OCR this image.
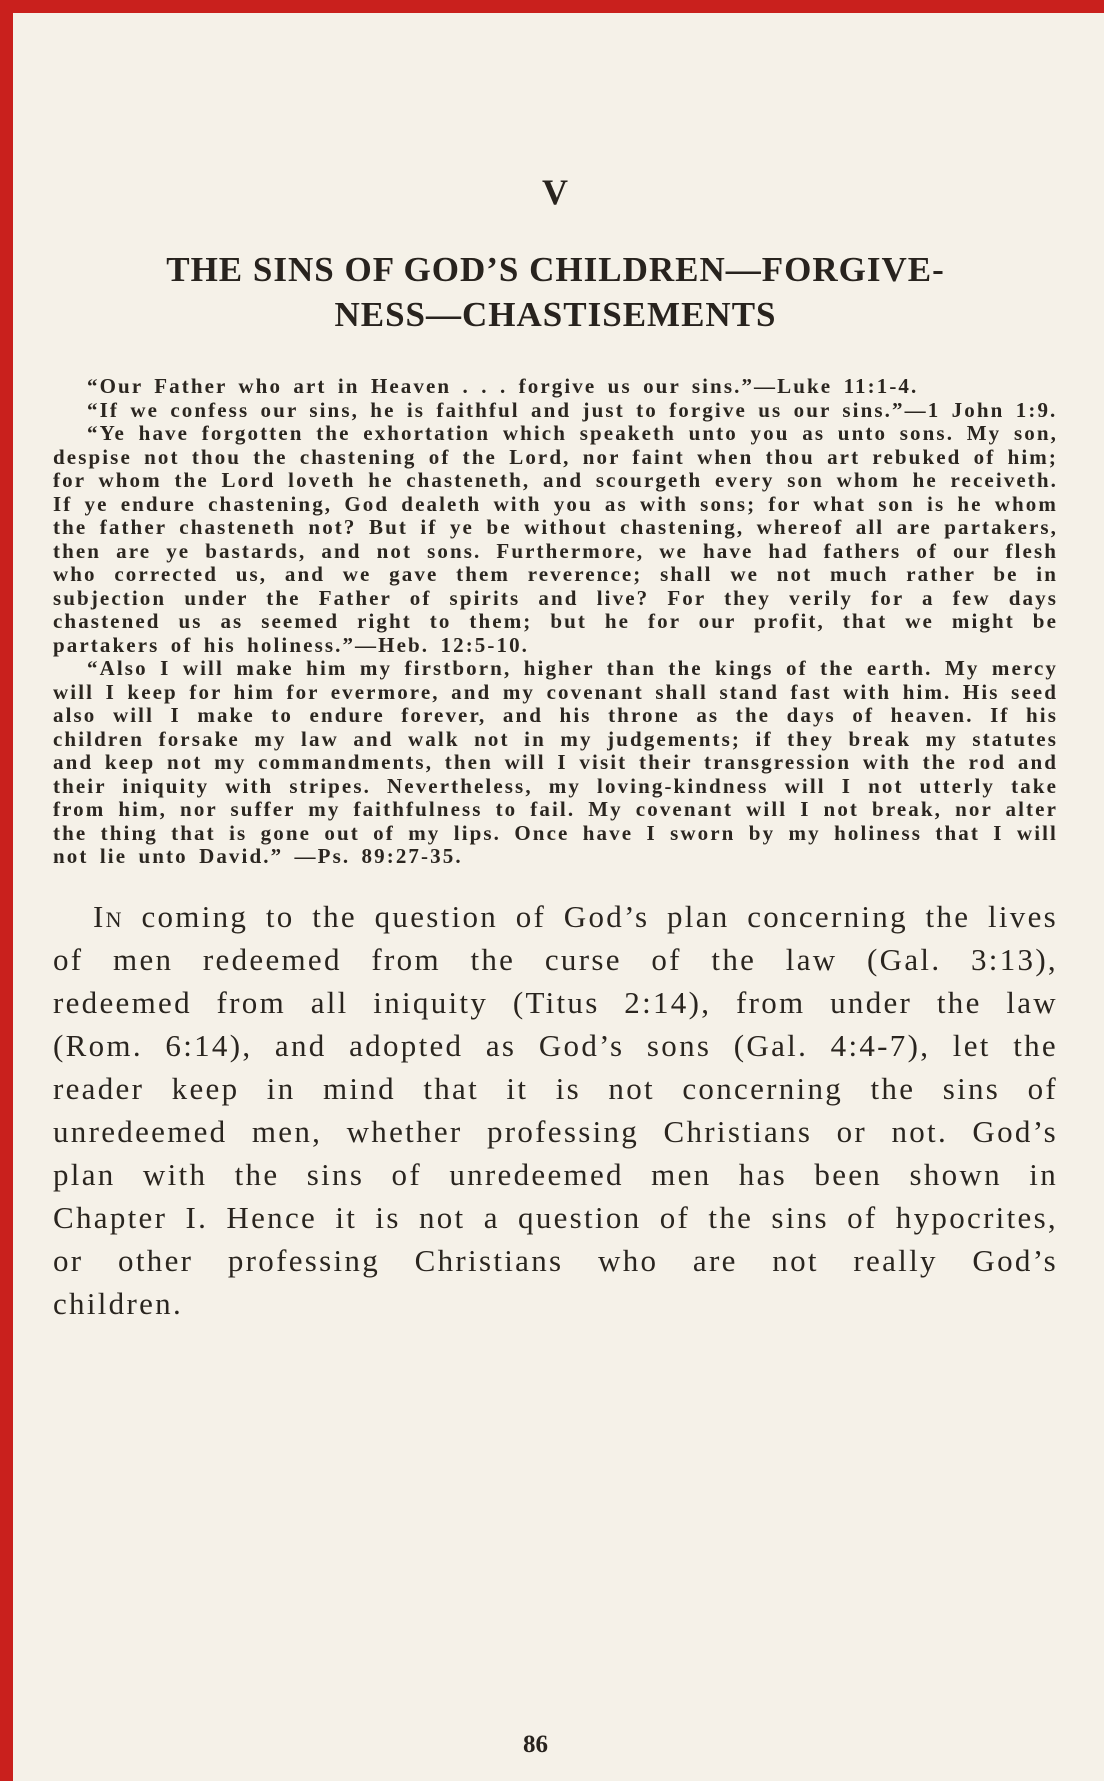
V
THE SINS OF GOD’S CHILDREN—FORGIVE-
NESS—CHASTISEMENTS

“Our Father who art in Heaven . . . forgive us our sins.”—Luke 11:1-4.

“If we confess our sins, he is faithful and just to forgive us our sins.”—1 John 1:9.

“Ye have forgotten the exhortation which speaketh unto you as unto sons. My son, despise not thou the chastening of the Lord, nor faint when thou art rebuked of him; for whom the Lord loveth he chasteneth, and scourgeth every son whom he receiveth. If ye endure chastening, God dealeth with you as with sons; for what son is he whom the father chasteneth not? But if ye be without chastening, whereof all are partakers, then are ye bastards, and not sons. Furthermore, we have had fathers of our flesh who corrected us, and we gave them reverence; shall we not much rather be in subjection under the Father of spirits and live? For they verily for a few days chastened us as seemed right to them; but he for our profit, that we might be partakers of his holiness.”—Heb. 12:5-10.

“Also I will make him my firstborn, higher than the kings of the earth. My mercy will I keep for him for evermore, and my covenant shall stand fast with him. His seed also will I make to endure forever, and his throne as the days of heaven. If his children forsake my law and walk not in my judgements; if they break my statutes and keep not my commandments, then will I visit their transgression with the rod and their iniquity with stripes. Nevertheless, my loving-kindness will I not utterly take from him, nor suffer my faithfulness to fail. My covenant will I not break, nor alter the thing that is gone out of my lips. Once have I sworn by my holiness that I will not lie unto David.” —Ps. 89:27-35.

In coming to the question of God’s plan concerning the lives of men redeemed from the curse of the law (Gal. 3:13), redeemed from all iniquity (Titus 2:14), from under the law (Rom. 6:14), and adopted as God’s sons (Gal. 4:4-7), let the reader keep in mind that it is not concerning the sins of unredeemed men, whether professing Christians or not. God’s plan with the sins of unredeemed men has been shown in Chapter I. Hence it is not a question of the sins of hypocrites, or other professing Christians who are not really God’s children.

86
